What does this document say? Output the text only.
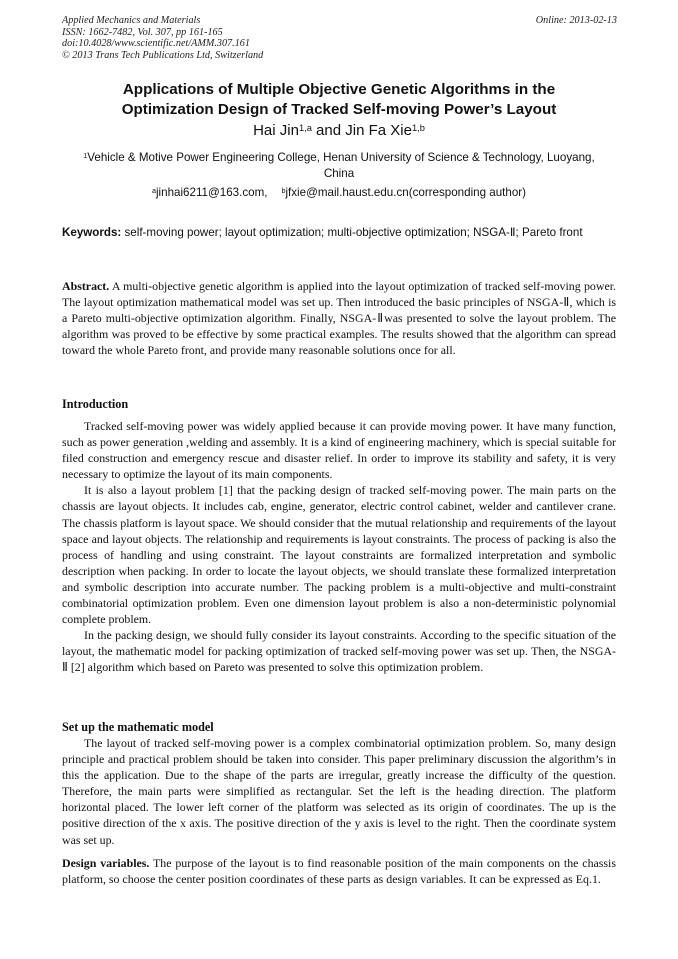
Applied Mechanics and Materials
ISSN: 1662-7482, Vol. 307, pp 161-165
doi:10.4028/www.scientific.net/AMM.307.161
© 2013 Trans Tech Publications Ltd, Switzerland
Online: 2013-02-13
Applications of Multiple Objective Genetic Algorithms in the
Optimization Design of Tracked Self-moving Power’s Layout
Hai Jin$^{1,a}$ and Jin Fa Xie$^{1,b}$
$^1$Vehicle & Motive Power Engineering College, Henan University of Science & Technology, Luoyang, China
$^a$jinhai6211@163.com, $^b$jfxie@mail.haust.edu.cn(corresponding author)
Keywords: self-moving power; layout optimization; multi-objective optimization; NSGA-Ⅱ; Pareto front
Abstract. A multi-objective genetic algorithm is applied into the layout optimization of tracked self-moving power. The layout optimization mathematical model was set up. Then introduced the basic principles of NSGA-Ⅱ, which is a Pareto multi-objective optimization algorithm. Finally, NSGA-Ⅱwas presented to solve the layout problem. The algorithm was proved to be effective by some practical examples. The results showed that the algorithm can spread toward the whole Pareto front, and provide many reasonable solutions once for all.
Introduction

Tracked self-moving power was widely applied because it can provide moving power. It have many function, such as power generation ,welding and assembly. It is a kind of engineering machinery, which is special suitable for filed construction and emergency rescue and disaster relief. In order to improve its stability and safety, it is very necessary to optimize the layout of its main components.

It is also a layout problem [1] that the packing design of tracked self-moving power. The main parts on the chassis are layout objects. It includes cab, engine, generator, electric control cabinet, welder and cantilever crane. The chassis platform is layout space. We should consider that the mutual relationship and requirements of the layout space and layout objects. The relationship and requirements is layout constraints. The process of packing is also the process of handling and using constraint. The layout constraints are formalized interpretation and symbolic description when packing. In order to locate the layout objects, we should translate these formalized interpretation and symbolic description into accurate number. The packing problem is a multi-objective and multi-constraint combinatorial optimization problem. Even one dimension layout problem is also a non-deterministic polynomial complete problem.

In the packing design, we should fully consider its layout constraints. According to the specific situation of the layout, the mathematic model for packing optimization of tracked self-moving power was set up. Then, the NSGA-Ⅱ [2] algorithm which based on Pareto was presented to solve this optimization problem.

Set up the mathematic model

The layout of tracked self-moving power is a complex combinatorial optimization problem. So, many design principle and practical problem should be taken into consider. This paper preliminary discussion the algorithm’s in this the application. Due to the shape of the parts are irregular, greatly increase the difficulty of the question. Therefore, the main parts were simplified as rectangular. Set the left is the heading direction. The platform horizontal placed. The lower left corner of the platform was selected as its origin of coordinates. The up is the positive direction of the x axis. The positive direction of the y axis is level to the right. Then the coordinate system was set up.

Design variables. The purpose of the layout is to find reasonable position of the main components on the chassis platform, so choose the center position coordinates of these parts as design variables. It can be expressed as Eq.1.
